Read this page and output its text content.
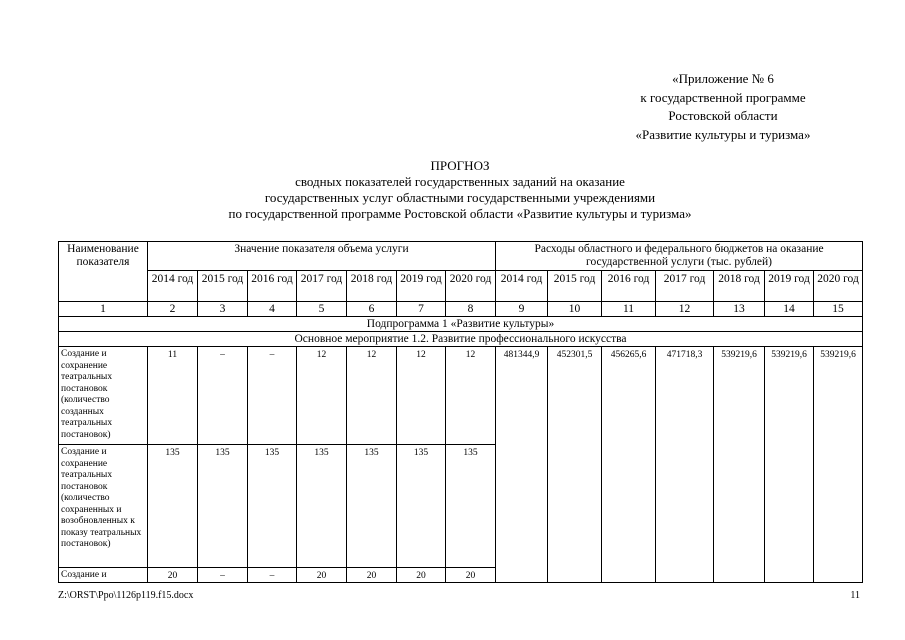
«Приложение № 6
к государственной программе
Ростовской области
«Развитие культуры и туризма»
ПРОГНОЗ
сводных показателей государственных заданий на оказание
государственных услуг областными государственными учреждениями
по государственной программе Ростовской области «Развитие культуры и туризма»
Наименование показателя	Значение показателя объема услуги							Расходы областного и федерального бюджетов на оказание государственной услуги (тыс. рублей)						
	2014 год	2015 год	2016 год	2017 год	2018 год	2019 год	2020 год	2014 год	2015 год	2016 год	2017 год	2018 год	2019 год	2020 год
1	2	3	4	5	6	7	8	9	10	11	12	13	14	15
Подпрограмма 1 «Развитие культуры»														
Основное мероприятие 1.2. Развитие профессионального искусства														
Создание и сохранение театральных постановок (количество созданных театральных постановок)	11	–	–	12	12	12	12	481344,9	452301,5	456265,6	471718,3	539219,6	539219,6	539219,6
Создание и сохранение театральных постановок (количество сохраненных и возобновленных к показу театральных постановок)	135	135	135	135	135	135	135							
Создание и	20	–	–	20	20	20	20							
Z:\ORST\Ppo\1126p119.f15.docx	11
